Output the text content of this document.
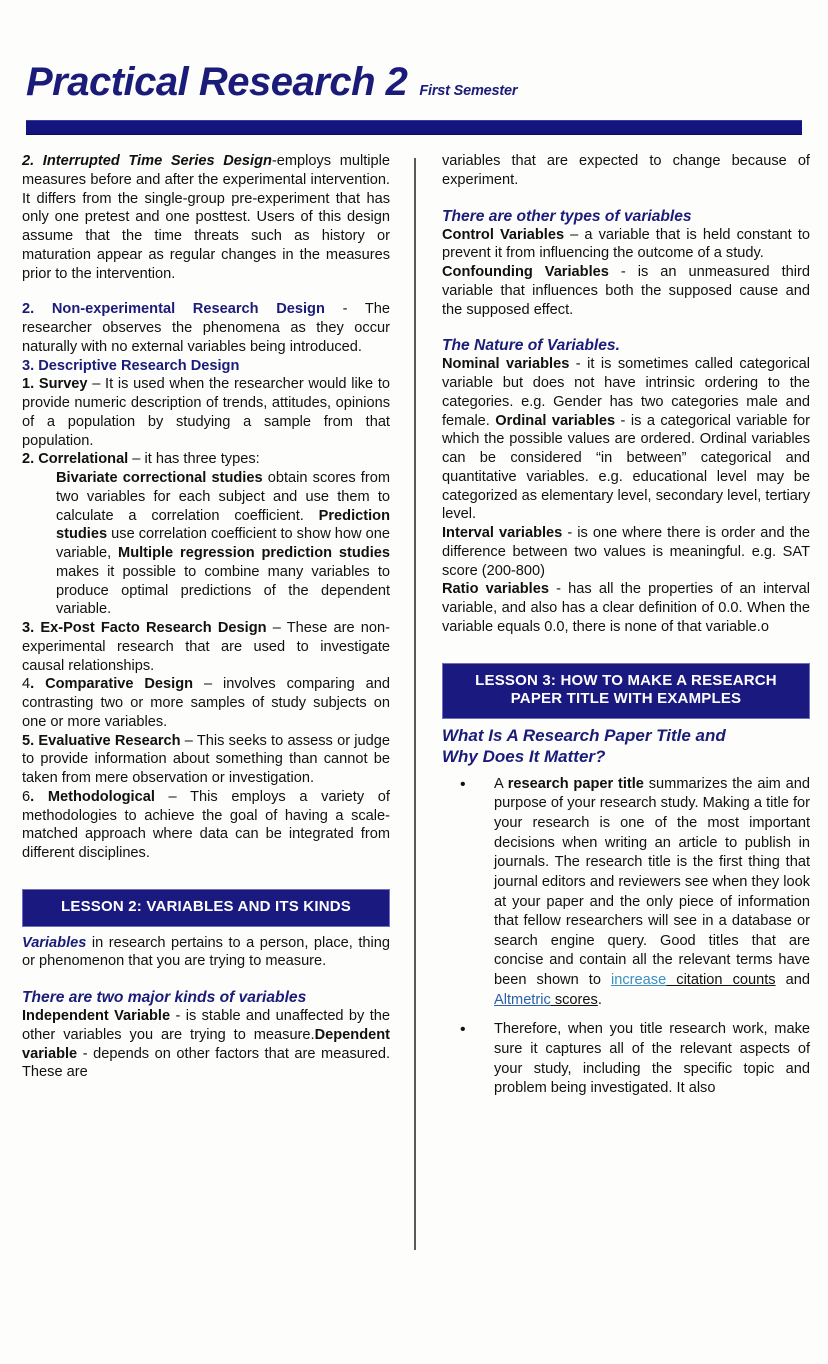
Practical Research 2 First Semester

2. Interrupted Time Series Design-employs multiple measures before and after the experimental intervention. It differs from the single-group pre-experiment that has only one pretest and one posttest. Users of this design assume that the time threats such as history or maturation appear as regular changes in the measures prior to the intervention.

2. Non-experimental Research Design - The researcher observes the phenomena as they occur naturally with no external variables being introduced.

3. Descriptive Research Design

1. Survey – It is used when the researcher would like to provide numeric description of trends, attitudes, opinions of a population by studying a sample from that population.

2. Correlational – it has three types:

Bivariate correctional studies obtain scores from two variables for each subject and use them to calculate a correlation coefficient. Prediction studies use correlation coefficient to show how one variable, Multiple regression prediction studies makes it possible to combine many variables to produce optimal predictions of the dependent variable.

3. Ex-Post Facto Research Design – These are non-experimental research that are used to investigate causal relationships.

4. Comparative Design – involves comparing and contrasting two or more samples of study subjects on one or more variables.

5. Evaluative Research – This seeks to assess or judge to provide information about something than cannot be taken from mere observation or investigation.

6. Methodological – This employs a variety of methodologies to achieve the goal of having a scale-matched approach where data can be integrated from different disciplines.

LESSON 2: VARIABLES AND ITS KINDS

Variables in research pertains to a person, place, thing or phenomenon that you are trying to measure.

There are two major kinds of variables

Independent Variable - is stable and unaffected by the other variables you are trying to measure.Dependent variable - depends on other factors that are measured. These are

variables that are expected to change because of experiment.

There are other types of variables

Control Variables – a variable that is held constant to prevent it from influencing the outcome of a study.

Confounding Variables - is an unmeasured third variable that influences both the supposed cause and the supposed effect.

The Nature of Variables.

Nominal variables - it is sometimes called categorical variable but does not have intrinsic ordering to the categories. e.g. Gender has two categories male and female. Ordinal variables - is a categorical variable for which the possible values are ordered. Ordinal variables can be considered “in between” categorical and quantitative variables. e.g. educational level may be categorized as elementary level, secondary level, tertiary level.

Interval variables - is one where there is order and the difference between two values is meaningful. e.g. SAT score (200-800)

Ratio variables - has all the properties of an interval variable, and also has a clear definition of 0.0. When the variable equals 0.0, there is none of that variable.o

LESSON 3: HOW TO MAKE A RESEARCH
PAPER TITLE WITH EXAMPLES
What Is A Research Paper Title and
Why Does It Matter?
• A research paper title summarizes the aim and purpose of your research study. Making a title for your research is one of the most important decisions when writing an article to publish in journals. The research title is the first thing that journal editors and reviewers see when they look at your paper and the only piece of information that fellow researchers will see in a database or search engine query. Good titles that are concise and contain all the relevant terms have been shown to increase citation counts and Altmetric scores.
• Therefore, when you title research work, make sure it captures all of the relevant aspects of your study, including the specific topic and problem being investigated. It also
